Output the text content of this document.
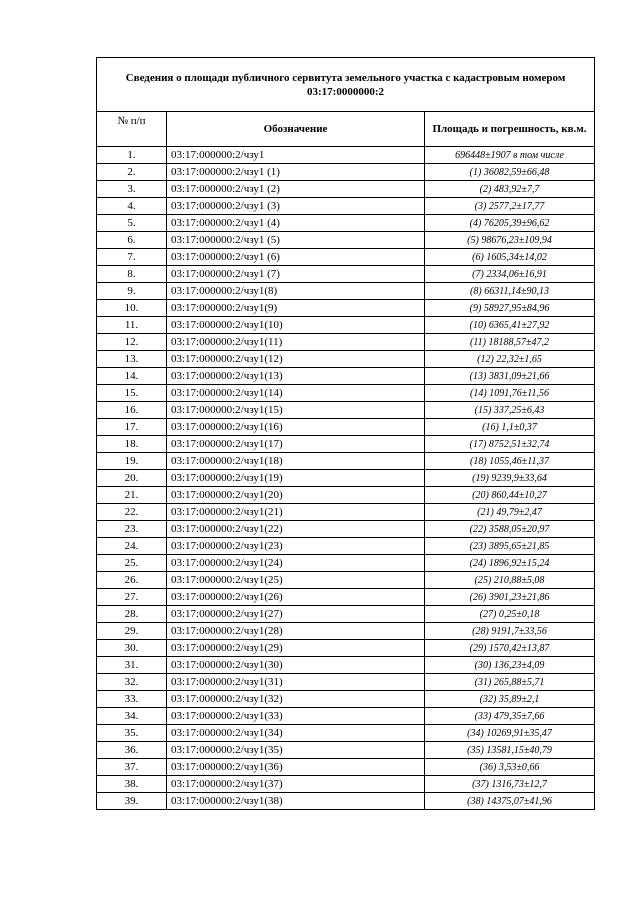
Сведения о площади публичного сервитута земельного участка с кадастровым номером 03:17:0000000:2		
№ п/п	Обозначение	Площадь и погрешность, кв.м.
1.	03:17:000000:2/чзу1	696448±1907 в том числе
2.	03:17:000000:2/чзу1 (1)	(1) 36082,59±66,48
3.	03:17:000000:2/чзу1 (2)	(2) 483,92±7,7
4.	03:17:000000:2/чзу1 (3)	(3) 2577,2±17,77
5.	03:17:000000:2/чзу1 (4)	(4) 76205,39±96,62
6.	03:17:000000:2/чзу1 (5)	(5) 98676,23±109,94
7.	03:17:000000:2/чзу1 (6)	(6) 1605,34±14,02
8.	03:17:000000:2/чзу1 (7)	(7) 2334,06±16,91
9.	03:17:000000:2/чзу1(8)	(8) 66311,14±90,13
10.	03:17:000000:2/чзу1(9)	(9) 58927,95±84,96
11.	03:17:000000:2/чзу1(10)	(10) 6365,41±27,92
12.	03:17:000000:2/чзу1(11)	(11) 18188,57±47,2
13.	03:17:000000:2/чзу1(12)	(12) 22,32±1,65
14.	03:17:000000:2/чзу1(13)	(13) 3831,09±21,66
15.	03:17:000000:2/чзу1(14)	(14) 1091,76±11,56
16.	03:17:000000:2/чзу1(15)	(15) 337,25±6,43
17.	03:17:000000:2/чзу1(16)	(16) 1,1±0,37
18.	03:17:000000:2/чзу1(17)	(17) 8752,51±32,74
19.	03:17:000000:2/чзу1(18)	(18) 1055,46±11,37
20.	03:17:000000:2/чзу1(19)	(19) 9239,9±33,64
21.	03:17:000000:2/чзу1(20)	(20) 860,44±10,27
22.	03:17:000000:2/чзу1(21)	(21) 49,79±2,47
23.	03:17:000000:2/чзу1(22)	(22) 3588,05±20,97
24.	03:17:000000:2/чзу1(23)	(23) 3895,65±21,85
25.	03:17:000000:2/чзу1(24)	(24) 1896,92±15,24
26.	03:17:000000:2/чзу1(25)	(25) 210,88±5,08
27.	03:17:000000:2/чзу1(26)	(26) 3901,23±21,86
28.	03:17:000000:2/чзу1(27)	(27) 0,25±0,18
29.	03:17:000000:2/чзу1(28)	(28) 9191,7±33,56
30.	03:17:000000:2/чзу1(29)	(29) 1570,42±13,87
31.	03:17:000000:2/чзу1(30)	(30) 136,23±4,09
32.	03:17:000000:2/чзу1(31)	(31) 265,88±5,71
33.	03:17:000000:2/чзу1(32)	(32) 35,89±2,1
34.	03:17:000000:2/чзу1(33)	(33) 479,35±7,66
35.	03:17:000000:2/чзу1(34)	(34) 10269,91±35,47
36.	03:17:000000:2/чзу1(35)	(35) 13581,15±40,79
37.	03:17:000000:2/чзу1(36)	(36) 3,53±0,66
38.	03:17:000000:2/чзу1(37)	(37) 1316,73±12,7
39.	03:17:000000:2/чзу1(38)	(38) 14375,07±41,96
